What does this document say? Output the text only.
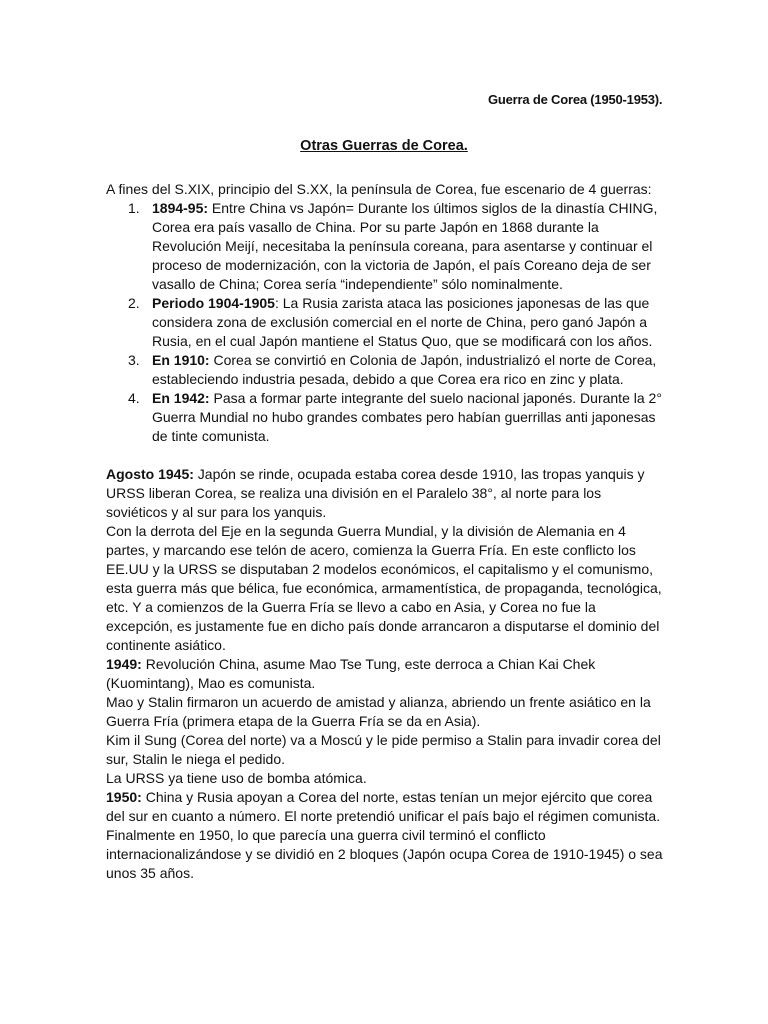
Guerra de Corea (1950-1953).
Otras Guerras de Corea.

A fines del S.XIX, principio del S.XX, la península de Corea, fue escenario de 4 guerras:

1. 1894-95: Entre China vs Japón= Durante los últimos siglos de la dinastía CHING, Corea era país vasallo de China. Por su parte Japón en 1868 durante la Revolución Meijí, necesitaba la península coreana, para asentarse y continuar el proceso de modernización, con la victoria de Japón, el país Coreano deja de ser vasallo de China; Corea sería “independiente” sólo nominalmente.
2. Periodo 1904-1905: La Rusia zarista ataca las posiciones japonesas de las que considera zona de exclusión comercial en el norte de China, pero ganó Japón a Rusia, en el cual Japón mantiene el Status Quo, que se modificará con los años.
3. En 1910: Corea se convirtió en Colonia de Japón, industrializó el norte de Corea, estableciendo industria pesada, debido a que Corea era rico en zinc y plata.
4. En 1942: Pasa a formar parte integrante del suelo nacional japonés. Durante la 2° Guerra Mundial no hubo grandes combates pero habían guerrillas anti japonesas de tinte comunista.

Agosto 1945: Japón se rinde, ocupada estaba corea desde 1910, las tropas yanquis y URSS liberan Corea, se realiza una división en el Paralelo 38°, al norte para los soviéticos y al sur para los yanquis.

Con la derrota del Eje en la segunda Guerra Mundial, y la división de Alemania en 4 partes, y marcando ese telón de acero, comienza la Guerra Fría. En este conflicto los EE.UU y la URSS se disputaban 2 modelos económicos, el capitalismo y el comunismo, esta guerra más que bélica, fue económica, armamentística, de propaganda, tecnológica, etc. Y a comienzos de la Guerra Fría se llevo a cabo en Asia, y Corea no fue la excepción, es justamente fue en dicho país donde arrancaron a disputarse el dominio del continente asiático.

1949: Revolución China, asume Mao Tse Tung, este derroca a Chian Kai Chek (Kuomintang), Mao es comunista.

Mao y Stalin firmaron un acuerdo de amistad y alianza, abriendo un frente asiático en la Guerra Fría (primera etapa de la Guerra Fría se da en Asia).

Kim il Sung (Corea del norte) va a Moscú y le pide permiso a Stalin para invadir corea del sur, Stalin le niega el pedido.

La URSS ya tiene uso de bomba atómica.

1950: China y Rusia apoyan a Corea del norte, estas tenían un mejor ejército que corea del sur en cuanto a número. El norte pretendió unificar el país bajo el régimen comunista. Finalmente en 1950, lo que parecía una guerra civil terminó el conflicto internacionalizándose y se dividió en 2 bloques (Japón ocupa Corea de 1910-1945) o sea unos 35 años.
